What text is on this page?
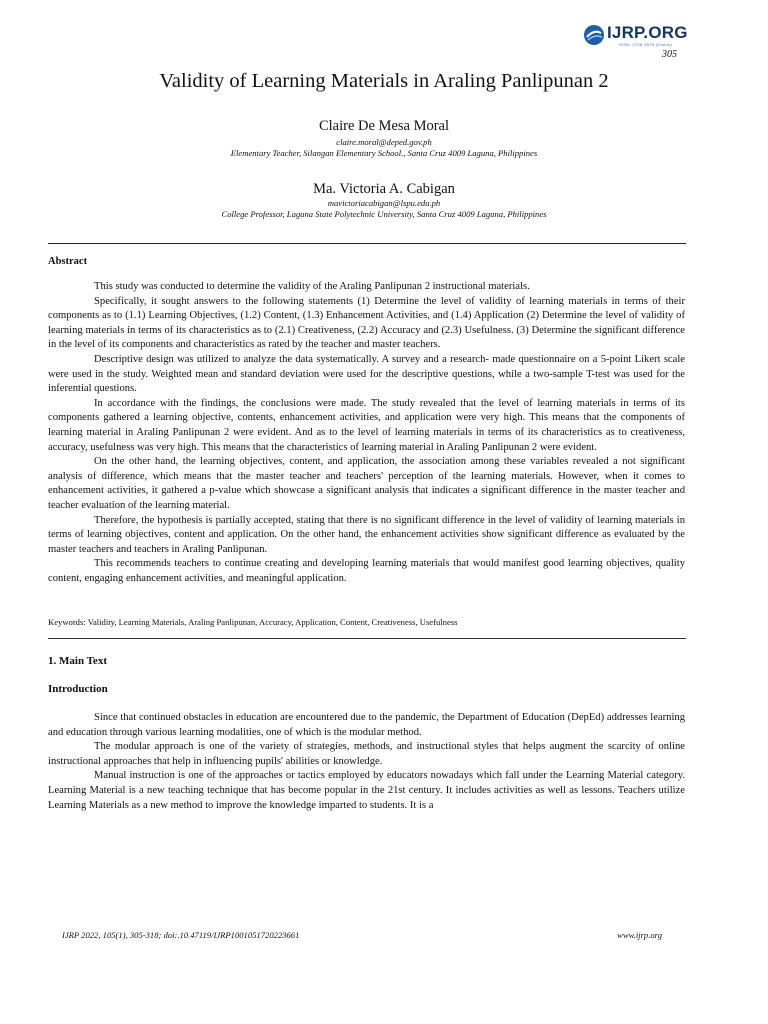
IJRP.ORG
ISSN: 2708-3578 (Online)
305
Validity of Learning Materials in Araling Panlipunan 2
Claire De Mesa Moral
claire.moral@deped.gov.ph
Elementary Teacher, Silangan Elementary School., Santa Cruz 4009 Laguna, Philippines
Ma. Victoria A. Cabigan
mavictoriacabigan@lspu.edu.ph
College Professor, Laguna State Polytechnic University, Santa Cruz 4009 Laguna, Philippines
Abstract

This study was conducted to determine the validity of the Araling Panlipunan 2 instructional materials.

Specifically, it sought answers to the following statements (1) Determine the level of validity of learning materials in terms of their components as to (1.1) Learning Objectives, (1.2) Content, (1.3) Enhancement Activities, and (1.4) Application (2) Determine the level of validity of learning materials in terms of its characteristics as to (2.1) Creativeness, (2.2) Accuracy and (2.3) Usefulness. (3) Determine the significant difference in the level of its components and characteristics as rated by the teacher and master teachers.

Descriptive design was utilized to analyze the data systematically. A survey and a research- made questionnaire on a 5-point Likert scale were used in the study. Weighted mean and standard deviation were used for the descriptive questions, while a two-sample T-test was used for the inferential questions.

In accordance with the findings, the conclusions were made. The study revealed that the level of learning materials in terms of its components gathered a learning objective, contents, enhancement activities, and application were very high. This means that the components of learning material in Araling Panlipunan 2 were evident. And as to the level of learning materials in terms of its characteristics as to creativeness, accuracy, usefulness was very high. This means that the characteristics of learning material in Araling Panlipunan 2 were evident.

On the other hand, the learning objectives, content, and application, the association among these variables revealed a not significant analysis of difference, which means that the master teacher and teachers' perception of the learning materials. However, when it comes to enhancement activities, it gathered a p-value which showcase a significant analysis that indicates a significant difference in the master teacher and teacher evaluation of the learning material.

Therefore, the hypothesis is partially accepted, stating that there is no significant difference in the level of validity of learning materials in terms of learning objectives, content and application. On the other hand, the enhancement activities show significant difference as evaluated by the master teachers and teachers in Araling Panlipunan.

This recommends teachers to continue creating and developing learning materials that would manifest good learning objectives, quality content, engaging enhancement activities, and meaningful application.

Keywords: Validity, Learning Materials, Araling Panlipunan, Accuracy, Application, Content, Creativeness, Usefulness
1. Main Text
Introduction

Since that continued obstacles in education are encountered due to the pandemic, the Department of Education (DepEd) addresses learning and education through various learning modalities, one of which is the modular method.

The modular approach is one of the variety of strategies, methods, and instructional styles that helps augment the scarcity of online instructional approaches that help in influencing pupils' abilities or knowledge.

Manual instruction is one of the approaches or tactics employed by educators nowadays which fall under the Learning Material category. Learning Material is a new teaching technique that has become popular in the 21st century. It includes activities as well as lessons. Teachers utilize Learning Materials as a new method to improve the knowledge imparted to students. It is a

IJRP 2022, 105(1), 305-318; doi:.10.47119/IJRP1001051720223661	www.ijrp.org
